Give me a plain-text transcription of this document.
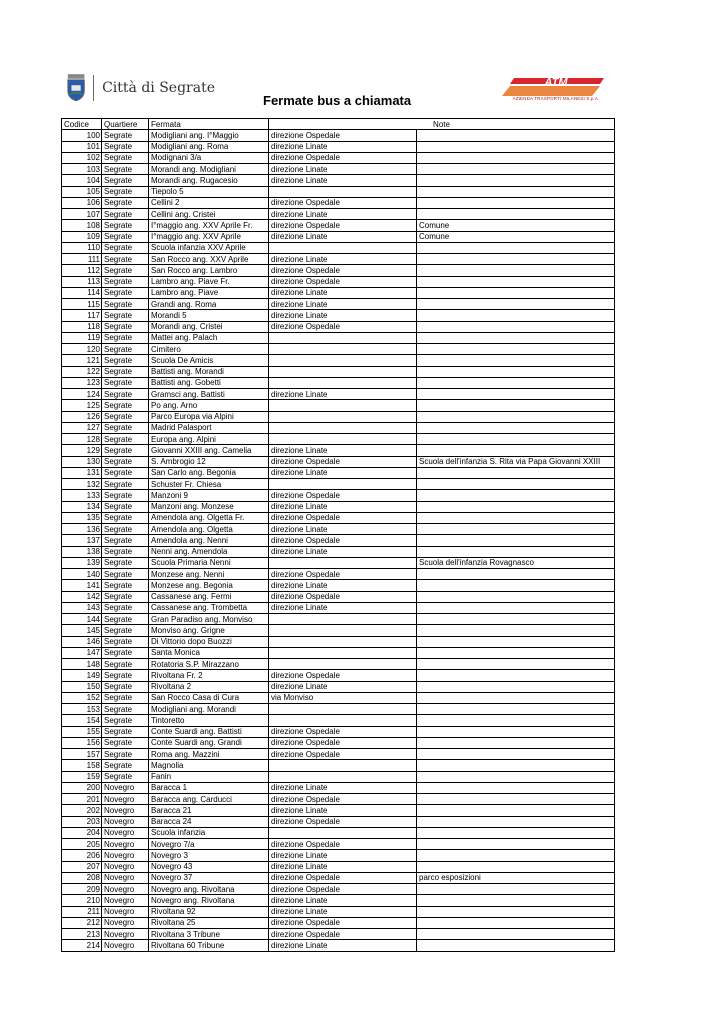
Città di Segrate
Fermate bus a chiamata
ATM
AZIENDA TRASPORTI MILANESI S.p.A.
Codice	Quartiere	Fermata	Note	
100	Segrate	Modigliani ang. I°Maggio	direzione Ospedale	
101	Segrate	Modigliani ang. Roma	direzione Linate	
102	Segrate	Modignani 3/a	direzione Ospedale	
103	Segrate	Morandi ang. Modigliani	direzione Linate	
104	Segrate	Morandi ang. Rugacesio	direzione Linate	
105	Segrate	Tiepolo 5		
106	Segrate	Cellini 2	direzione Ospedale	
107	Segrate	Cellini ang. Cristei	direzione Linate	
108	Segrate	I°maggio ang. XXV Aprile Fr.	direzione Ospedale	Comune
109	Segrate	I°maggio ang. XXV Aprile	direzione Linate	Comune
110	Segrate	Scuola infanzia XXV Aprile		
111	Segrate	San Rocco ang. XXV Aprile	direzione Linate	
112	Segrate	San Rocco ang. Lambro	direzione Ospedale	
113	Segrate	Lambro ang. Piave Fr.	direzione Ospedale	
114	Segrate	Lambro ang. Piave	direzione Linate	
115	Segrate	Grandi ang. Roma	direzione Linate	
117	Segrate	Morandi 5	direzione Linate	
118	Segrate	Morandi ang. Cristei	direzione Ospedale	
119	Segrate	Mattei ang. Palach		
120	Segrate	Cimitero		
121	Segrate	Scuola De Amicis		
122	Segrate	Battisti ang. Morandi		
123	Segrate	Battisti ang. Gobetti		
124	Segrate	Gramsci ang. Battisti	direzione Linate	
125	Segrate	Po ang. Arno		
126	Segrate	Parco Europa via Alpini		
127	Segrate	Madrid Palasport		
128	Segrate	Europa ang. Alpini		
129	Segrate	Giovanni XXIII ang. Camelia	direzione Linate	
130	Segrate	S. Ambrogio 12	direzione Ospedale	Scuola dell'infanzia S. Rita via Papa Giovanni XXIII
131	Segrate	San Carlo ang. Begonia	direzione Linate	
132	Segrate	Schuster Fr. Chiesa		
133	Segrate	Manzoni 9	direzione Ospedale	
134	Segrate	Manzoni ang. Monzese	direzione Linate	
135	Segrate	Amendola ang. Olgetta Fr.	direzione Ospedale	
136	Segrate	Amendola ang. Olgetta	direzione Linate	
137	Segrate	Amendola ang. Nenni	direzione Ospedale	
138	Segrate	Nenni ang. Amendola	direzione Linate	
139	Segrate	Scuola Primaria Nenni		Scuola dell'infanzia Rovagnasco
140	Segrate	Monzese ang. Nenni	direzione Ospedale	
141	Segrate	Monzese ang. Begonia	direzione Linate	
142	Segrate	Cassanese ang. Fermi	direzione Ospedale	
143	Segrate	Cassanese ang. Trombetta	direzione Linate	
144	Segrate	Gran Paradiso ang. Monviso		
145	Segrate	Monviso ang. Grigne		
146	Segrate	Di Vittorio dopo Buozzi		
147	Segrate	Santa Monica		
148	Segrate	Rotatoria S.P. Mirazzano		
149	Segrate	Rivoltana Fr. 2	direzione Ospedale	
150	Segrate	Rivoltana 2	direzione Linate	
152	Segrate	San Rocco Casa di Cura	via Monviso	
153	Segrate	Modigliani ang. Morandi		
154	Segrate	Tintoretto		
155	Segrate	Conte Suardi ang. Battisti	direzione Ospedale	
156	Segrate	Conte Suardi ang. Grandi	direzione Ospedale	
157	Segrate	Roma ang. Mazzini	direzione Ospedale	
158	Segrate	Magnolia		
159	Segrate	Fanin		
200	Novegro	Baracca 1	direzione Linate	
201	Novegro	Baracca ang. Carducci	direzione Ospedale	
202	Novegro	Baracca 21	direzione Linate	
203	Novegro	Baracca 24	direzione Ospedale	
204	Novegro	Scuola infanzia		
205	Novegro	Novegro 7/a	direzione Ospedale	
206	Novegro	Novegro 3	direzione Linate	
207	Novegro	Novegro 43	direzione Linate	
208	Novegro	Novegro 37	direzione Ospedale	parco esposizioni
209	Novegro	Novegro ang. Rivoltana	direzione Ospedale	
210	Novegro	Novegro ang. Rivoltana	direzione Linate	
211	Novegro	Rivoltana 92	direzione Linate	
212	Novegro	Rivoltana 25	direzione Ospedale	
213	Novegro	Rivoltana 3 Tribune	direzione Ospedale	
214	Novegro	Rivoltana 60 Tribune	direzione Linate	
